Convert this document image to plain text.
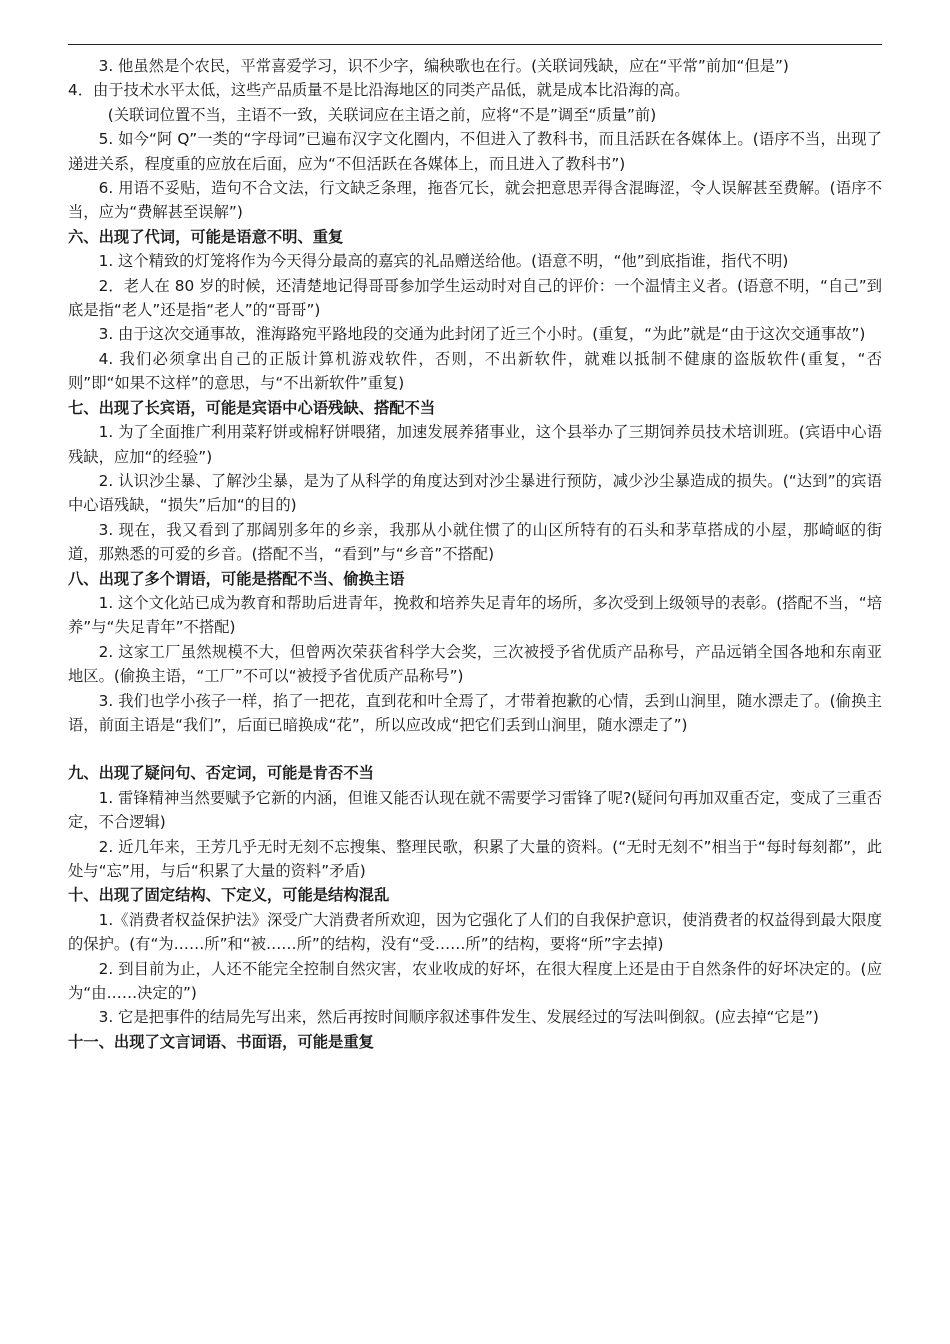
3. 他虽然是个农民，平常喜爱学习，识不少字，编秧歌也在行。(关联词残缺，应在“平常”前加“但是”)

4．由于技术水平太低，这些产品质量不是比沿海地区的同类产品低，就是成本比沿海的高。

(关联词位置不当，主语不一致，关联词应在主语之前，应将“不是”调至“质量”前)

5. 如今“阿 Q”一类的“字母词”已遍布汉字文化圈内，不但进入了教科书，而且活跃在各媒体上。(语序不当，出现了递进关系，程度重的应放在后面，应为“不但活跃在各媒体上，而且进入了教科书”)

6. 用语不妥贴，造句不合文法，行文缺乏条理，拖沓冗长，就会把意思弄得含混晦涩，令人误解甚至费解。(语序不当，应为“费解甚至误解”)

六、出现了代词，可能是语意不明、重复

1. 这个精致的灯笼将作为今天得分最高的嘉宾的礼品赠送给他。(语意不明，“他”到底指谁，指代不明)

2．老人在 80 岁的时候，还清楚地记得哥哥参加学生运动时对自己的评价：一个温情主义者。(语意不明，“自己”到底是指“老人”还是指“老人”的“哥哥”)

3. 由于这次交通事故，淮海路宛平路地段的交通为此封闭了近三个小时。(重复，“为此”就是“由于这次交通事故”)

4. 我们必须拿出自己的正版计算机游戏软件，否则，不出新软件，就难以抵制不健康的盗版软件(重复，“否则”即“如果不这样”的意思，与“不出新软件”重复)

七、出现了长宾语，可能是宾语中心语残缺、搭配不当

1. 为了全面推广利用菜籽饼或棉籽饼喂猪，加速发展养猪事业，这个县举办了三期饲养员技术培训班。(宾语中心语残缺，应加“的经验”)

2. 认识沙尘暴、了解沙尘暴，是为了从科学的角度达到对沙尘暴进行预防，减少沙尘暴造成的损失。(“达到”的宾语中心语残缺，“损失”后加“的目的)

3. 现在，我又看到了那阔别多年的乡亲，我那从小就住惯了的山区所特有的石头和茅草搭成的小屋，那崎岖的街道，那熟悉的可爱的乡音。(搭配不当，“看到”与“乡音”不搭配)

八、出现了多个谓语，可能是搭配不当、偷换主语

1. 这个文化站已成为教育和帮助后进青年，挽救和培养失足青年的场所，多次受到上级领导的表彰。(搭配不当，“培养”与“失足青年”不搭配)

2. 这家工厂虽然规模不大，但曾两次荣获省科学大会奖，三次被授予省优质产品称号，产品远销全国各地和东南亚地区。(偷换主语，“工厂”不可以“被授予省优质产品称号”)

3. 我们也学小孩子一样，掐了一把花，直到花和叶全焉了，才带着抱歉的心情，丢到山涧里，随水漂走了。(偷换主语，前面主语是“我们”，后面已暗换成“花”，所以应改成“把它们丢到山涧里，随水漂走了”)

九、出现了疑问句、否定词，可能是肯否不当

1. 雷锋精神当然要赋予它新的内涵，但谁又能否认现在就不需要学习雷锋了呢?(疑问句再加双重否定，变成了三重否定，不合逻辑)

2. 近几年来，王芳几乎无时无刻不忘搜集、整理民歌，积累了大量的资料。(“无时无刻不”相当于“每时每刻都”，此处与“忘”用，与后“积累了大量的资料”矛盾)

十、出现了固定结构、下定义，可能是结构混乱

1.《消费者权益保护法》深受广大消费者所欢迎，因为它强化了人们的自我保护意识，使消费者的权益得到最大限度的保护。(有“为……所”和“被……所”的结构，没有“受……所”的结构，要将“所”字去掉)

2. 到目前为止，人还不能完全控制自然灾害，农业收成的好坏，在很大程度上还是由于自然条件的好坏决定的。(应为“由……决定的”)

3. 它是把事件的结局先写出来，然后再按时间顺序叙述事件发生、发展经过的写法叫倒叙。(应去掉“它是”)

十一、出现了文言词语、书面语，可能是重复
